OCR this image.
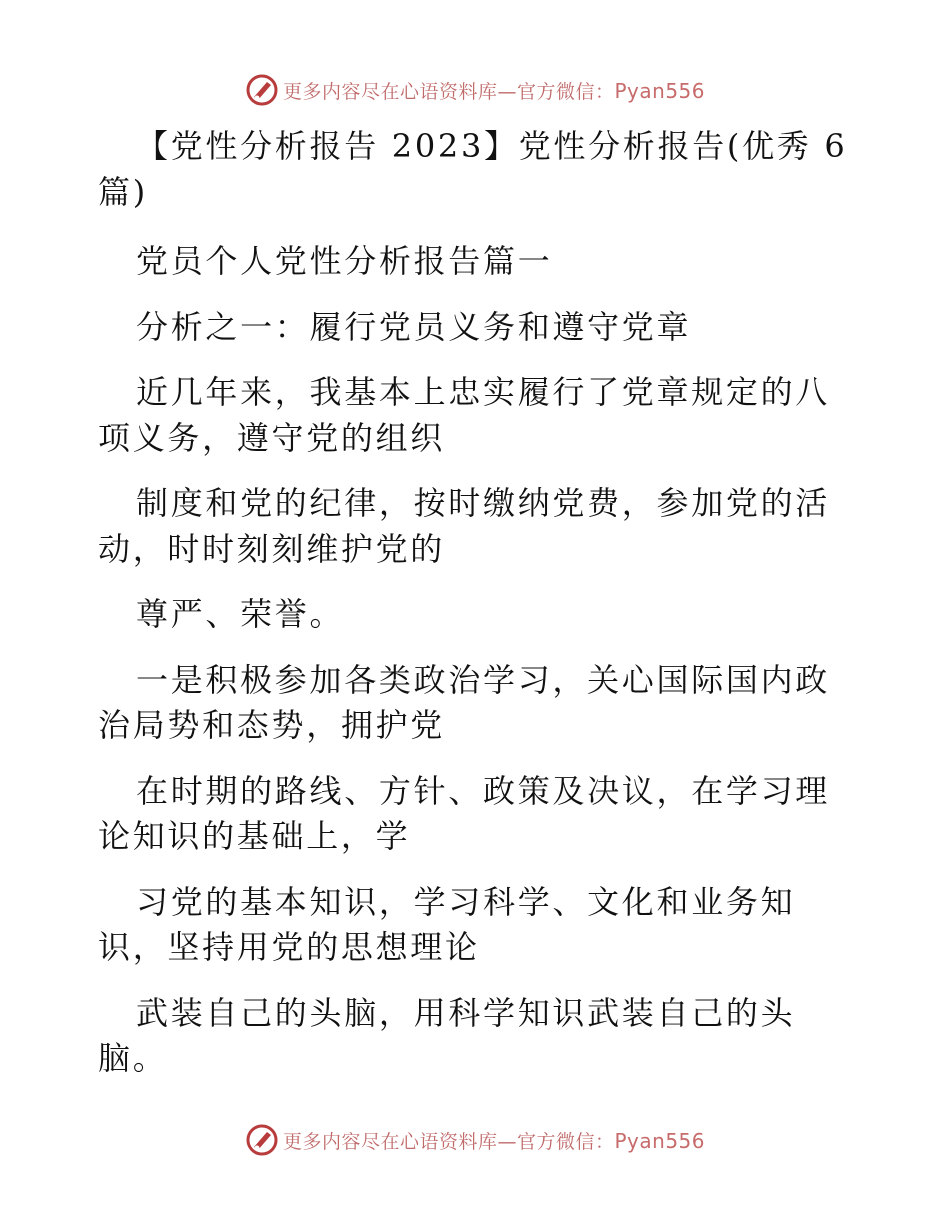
更多内容尽在心语资料库—官方微信：Pyan556

【党性分析报告 2023】党性分析报告(优秀 6 篇)

党员个人党性分析报告篇一

分析之一：履行党员义务和遵守党章

近几年来，我基本上忠实履行了党章规定的八项义务，遵守党的组织

制度和党的纪律，按时缴纳党费，参加党的活动，时时刻刻维护党的

尊严、荣誉。

一是积极参加各类政治学习，关心国际国内政治局势和态势，拥护党

在时期的路线、方针、政策及决议，在学习理论知识的基础上，学

习党的基本知识，学习科学、文化和业务知识，坚持用党的思想理论

武装自己的头脑，用科学知识武装自己的头脑。

更多内容尽在心语资料库—官方微信：Pyan556
